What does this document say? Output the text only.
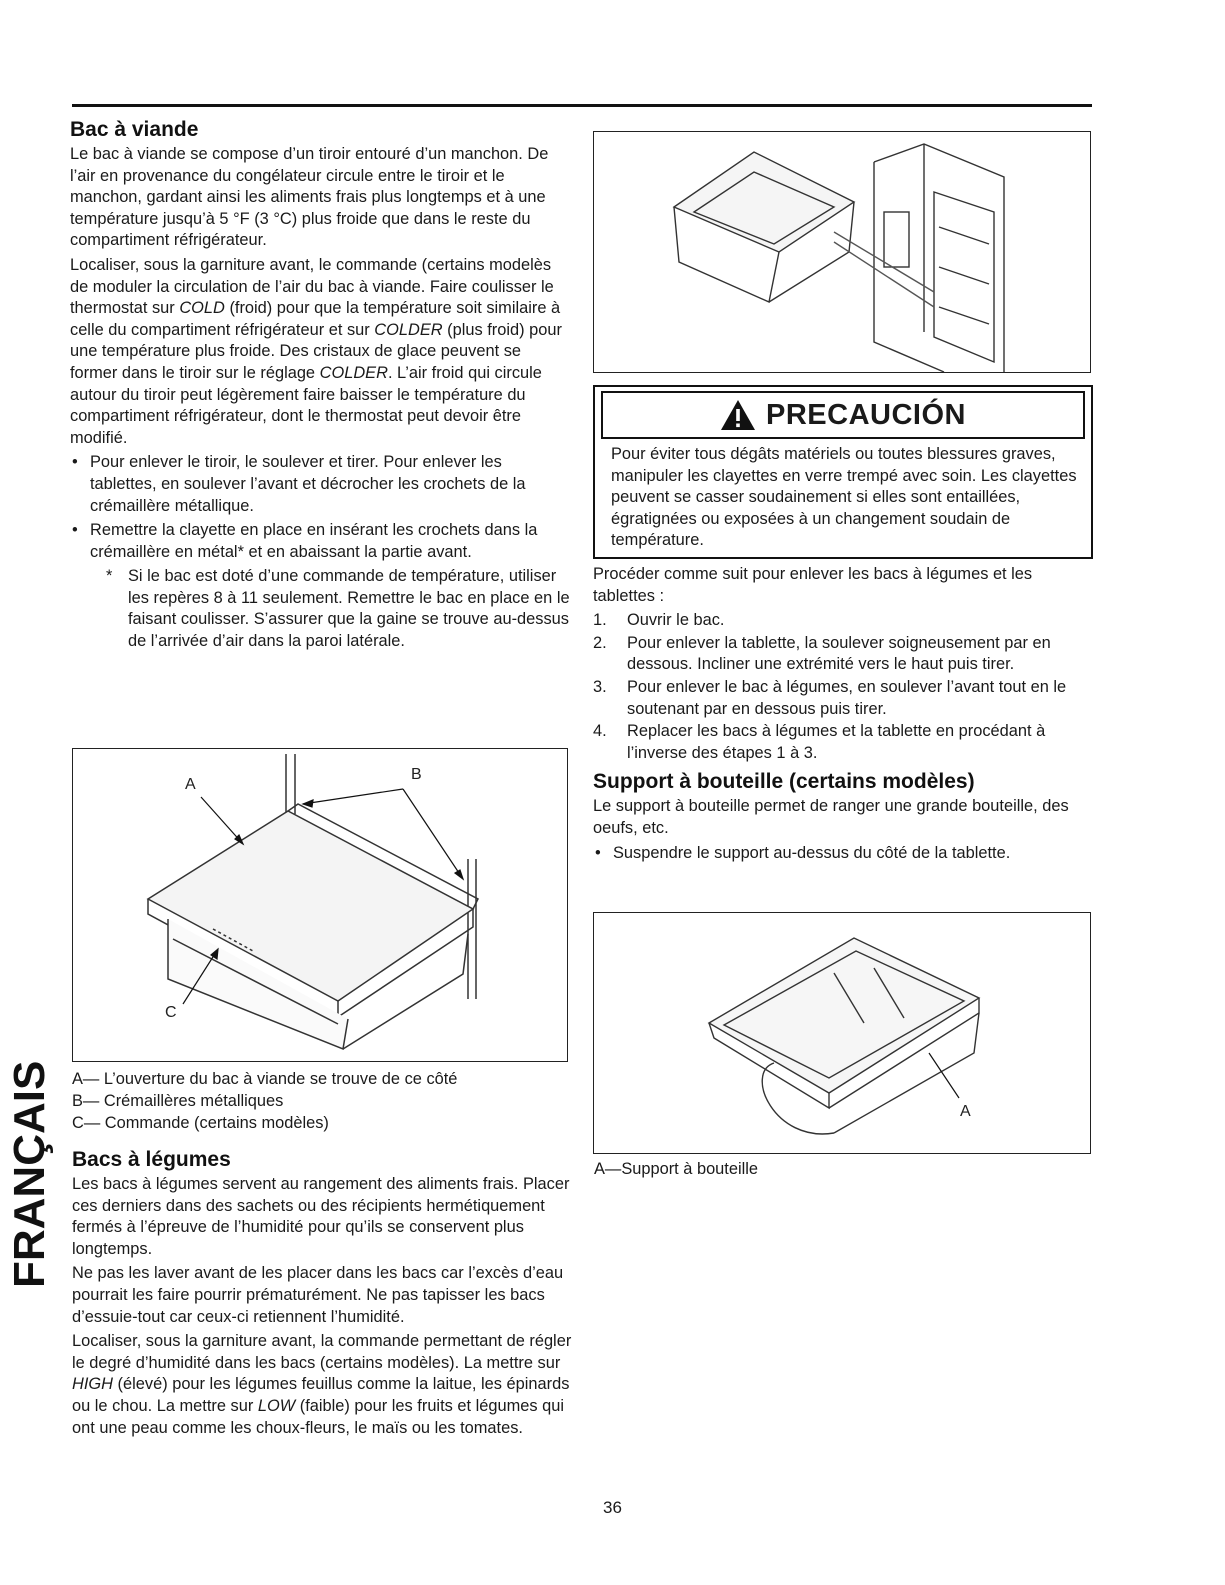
Bac à viande

Le bac à viande se compose d’un tiroir entouré d’un manchon. De l’air en provenance du congélateur circule entre le tiroir et le manchon, gardant ainsi les aliments frais plus longtemps et à une température jusqu’à 5 °F (3 °C) plus froide que dans le reste du compartiment réfrigérateur.

Localiser, sous la garniture avant, le commande (certains modelès de moduler la circulation de l’air du bac à viande. Faire coulisser le thermostat sur COLD (froid) pour que la température soit similaire à celle du compartiment réfrigérateur et sur COLDER (plus froid) pour une température plus froide. Des cristaux de glace peuvent se former dans le tiroir sur le réglage COLDER. L’air froid qui circule autour du tiroir peut légèrement faire baisser le température du compartiment réfrigérateur, dont le thermostat peut devoir être modifié.

• Pour enlever le tiroir, le soulever et tirer. Pour enlever les tablettes, en soulever l’avant et décrocher les crochets de la crémaillère métallique.
• Remettre la clayette en place en insérant les crochets dans la crémaillère en métal* et en abaissant la partie avant.
* Si le bac est doté d’une commande de température, utiliser les repères 8 à 11 seulement. Remettre le bac en place en le faisant coulisser. S’assurer que la gaine se trouve au-dessus de l’arrivée d’air dans la paroi latérale.
A
B
C
A— L’ouverture du bac à viande se trouve de ce côté
B— Crémaillères métalliques
C— Commande (certains modèles)
Bacs à légumes

Les bacs à légumes servent au rangement des aliments frais. Placer ces derniers dans des sachets ou des récipients hermétiquement fermés à l’épreuve de l’humidité pour qu’ils se conservent plus longtemps.

Ne pas les laver avant de les placer dans les bacs car l’excès d’eau pourrait les faire pourrir prématurément. Ne pas tapisser les bacs d’essuie-tout car ceux-ci retiennent l’humidité.

Localiser, sous la garniture avant, la commande permettant de régler le degré d’humidité dans les bacs (certains modèles). La mettre sur HIGH (élevé) pour les légumes feuillus comme la laitue, les épinards ou le chou. La mettre sur LOW (faible) pour les fruits et légumes qui ont une peau comme les choux-fleurs, le maïs ou les tomates.

FRANÇAIS
PRECAUCIÓN
Pour éviter tous dégâts matériels ou toutes blessures graves, manipuler les clayettes en verre trempé avec soin. Les clayettes peuvent se casser soudainement si elles sont entaillées, égratignées ou exposées à un changement soudain de température.

Procéder comme suit pour enlever les bacs à légumes et les tablettes :

1. Ouvrir le bac.
2. Pour enlever la tablette, la soulever soigneusement par en dessous. Incliner une extrémité vers le haut puis tirer.
3. Pour enlever le bac à légumes, en soulever l’avant tout en le soutenant par en dessous puis tirer.
4. Replacer les bacs à légumes et la tablette en procédant à l’inverse des étapes 1 à 3.
Support à bouteille (certains modèles)

Le support à bouteille permet de ranger une grande bouteille, des oeufs, etc.

• Suspendre le support au-dessus du côté de la tablette.
A
A—Support à bouteille
36
